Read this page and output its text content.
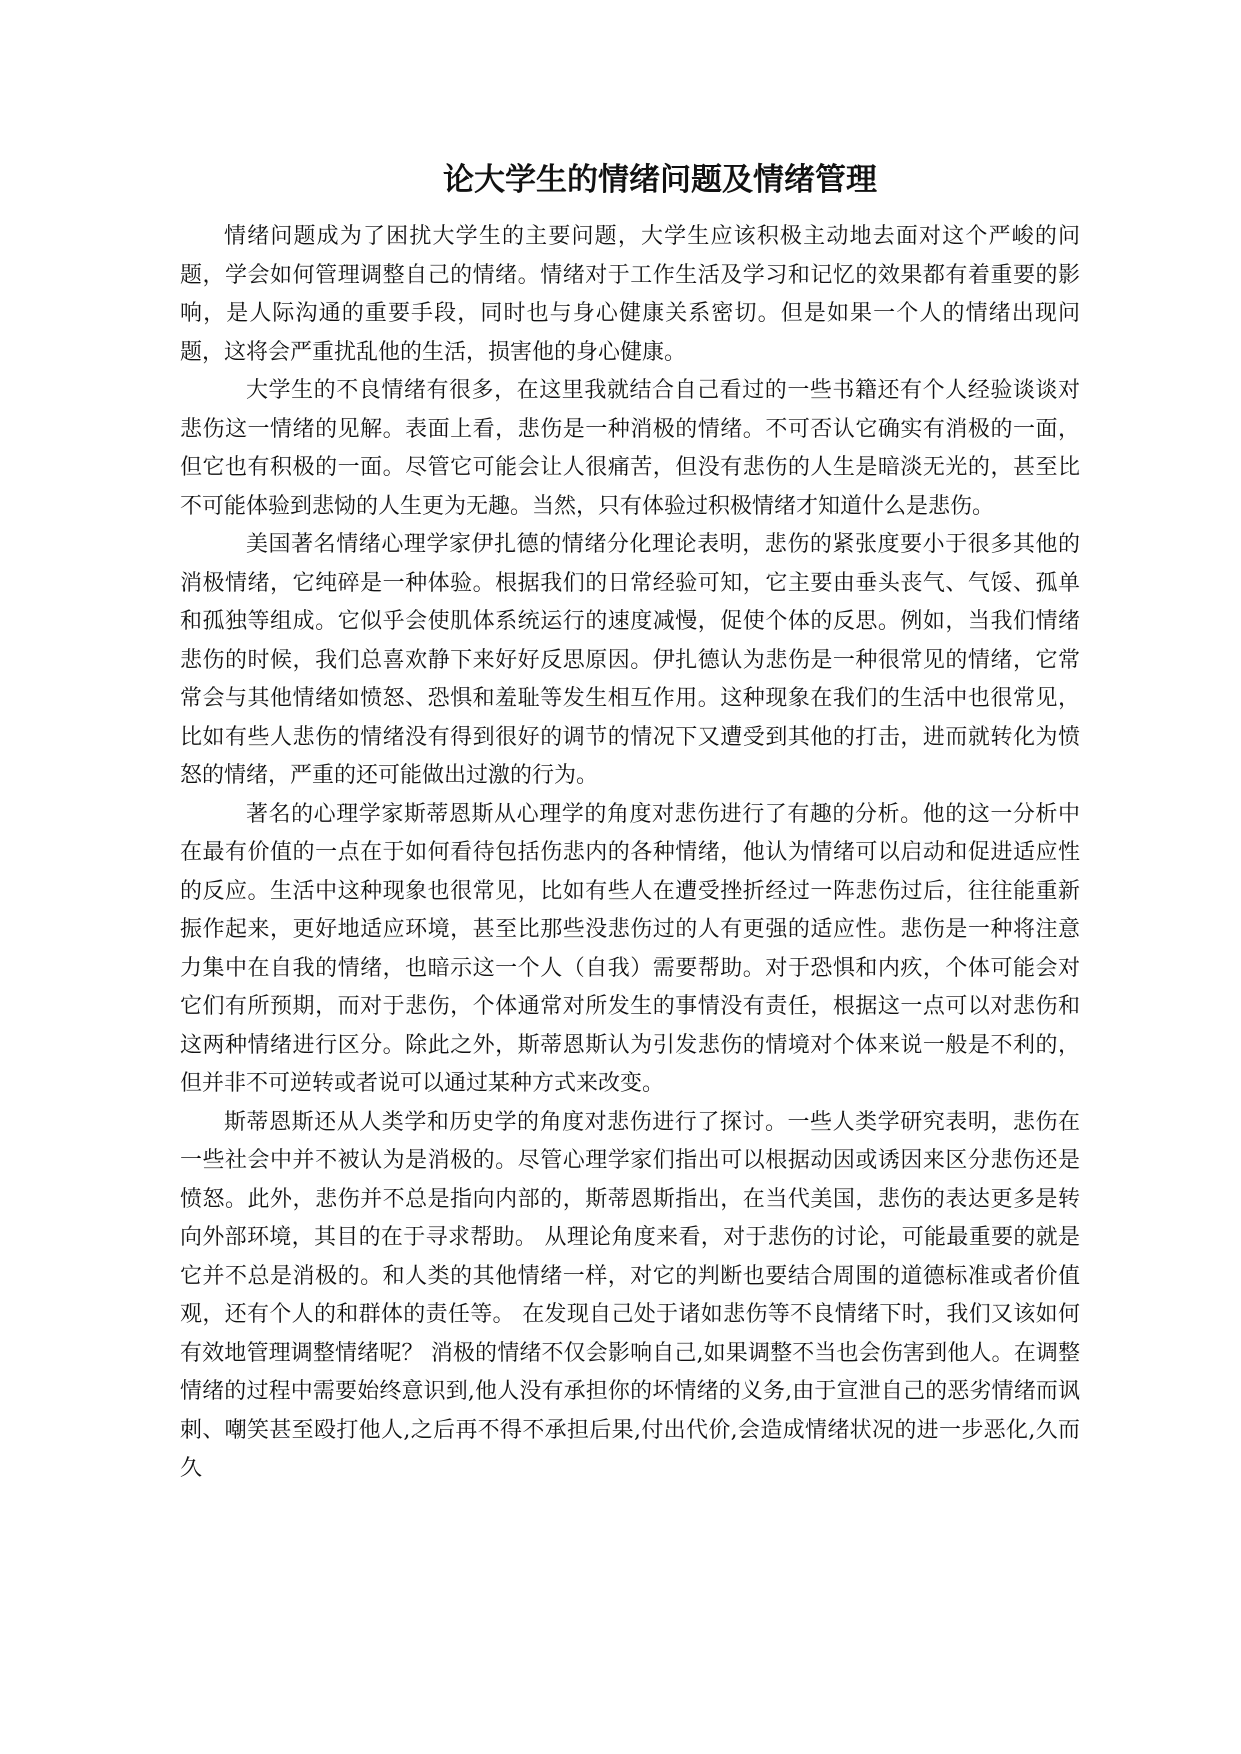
论大学生的情绪问题及情绪管理

情绪问题成为了困扰大学生的主要问题，大学生应该积极主动地去面对这个严峻的问题，学会如何管理调整自己的情绪。情绪对于工作生活及学习和记忆的效果都有着重要的影响，是人际沟通的重要手段，同时也与身心健康关系密切。但是如果一个人的情绪出现问题，这将会严重扰乱他的生活，损害他的身心健康。

大学生的不良情绪有很多，在这里我就结合自己看过的一些书籍还有个人经验谈谈对悲伤这一情绪的见解。表面上看，悲伤是一种消极的情绪。不可否认它确实有消极的一面，但它也有积极的一面。尽管它可能会让人很痛苦，但没有悲伤的人生是暗淡无光的，甚至比不可能体验到悲恸的人生更为无趣。当然，只有体验过积极情绪才知道什么是悲伤。

美国著名情绪心理学家伊扎德的情绪分化理论表明，悲伤的紧张度要小于很多其他的消极情绪，它纯碎是一种体验。根据我们的日常经验可知，它主要由垂头丧气、气馁、孤单和孤独等组成。它似乎会使肌体系统运行的速度减慢，促使个体的反思。例如，当我们情绪悲伤的时候，我们总喜欢静下来好好反思原因。伊扎德认为悲伤是一种很常见的情绪，它常常会与其他情绪如愤怒、恐惧和羞耻等发生相互作用。这种现象在我们的生活中也很常见，比如有些人悲伤的情绪没有得到很好的调节的情况下又遭受到其他的打击，进而就转化为愤怒的情绪，严重的还可能做出过激的行为。

著名的心理学家斯蒂恩斯从心理学的角度对悲伤进行了有趣的分析。他的这一分析中在最有价值的一点在于如何看待包括伤悲内的各种情绪，他认为情绪可以启动和促进适应性的反应。生活中这种现象也很常见，比如有些人在遭受挫折经过一阵悲伤过后，往往能重新振作起来，更好地适应环境，甚至比那些没悲伤过的人有更强的适应性。悲伤是一种将注意力集中在自我的情绪，也暗示这一个人（自我）需要帮助。对于恐惧和内疚，个体可能会对它们有所预期，而对于悲伤，个体通常对所发生的事情没有责任，根据这一点可以对悲伤和这两种情绪进行区分。除此之外，斯蒂恩斯认为引发悲伤的情境对个体来说一般是不利的，但并非不可逆转或者说可以通过某种方式来改变。

斯蒂恩斯还从人类学和历史学的角度对悲伤进行了探讨。一些人类学研究表明，悲伤在一些社会中并不被认为是消极的。尽管心理学家们指出可以根据动因或诱因来区分悲伤还是愤怒。此外，悲伤并不总是指向内部的，斯蒂恩斯指出，在当代美国，悲伤的表达更多是转向外部环境，其目的在于寻求帮助。 从理论角度来看，对于悲伤的讨论，可能最重要的就是它并不总是消极的。和人类的其他情绪一样，对它的判断也要结合周围的道德标准或者价值观，还有个人的和群体的责任等。 在发现自己处于诸如悲伤等不良情绪下时，我们又该如何有效地管理调整情绪呢？ 消极的情绪不仅会影响自己,如果调整不当也会伤害到他人。在调整情绪的过程中需要始终意识到,他人没有承担你的坏情绪的义务,由于宣泄自己的恶劣情绪而讽刺、嘲笑甚至殴打他人,之后再不得不承担后果,付出代价,会造成情绪状况的进一步恶化,久而久
